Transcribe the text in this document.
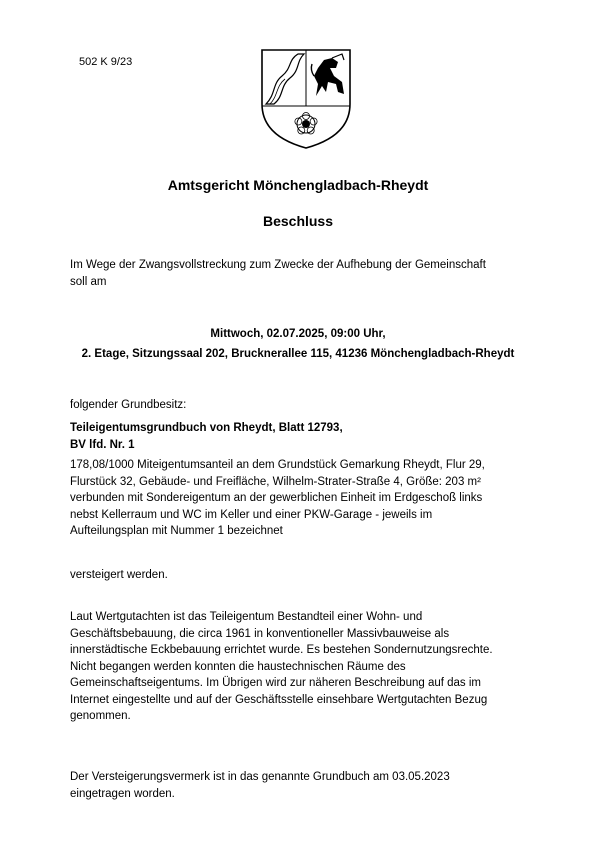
502 K 9/23
Amtsgericht Mönchengladbach-Rheydt
Beschluss
Im Wege der Zwangsvollstreckung zum Zwecke der Aufhebung der Gemeinschaft
soll am
Mittwoch, 02.07.2025, 09:00 Uhr,
2. Etage, Sitzungssaal 202, Brucknerallee 115, 41236 Mönchengladbach-Rheydt
folgender Grundbesitz:
Teileigentumsgrundbuch von Rheydt, Blatt 12793,
BV lfd. Nr. 1
178,08/1000 Miteigentumsanteil an dem Grundstück Gemarkung Rheydt, Flur 29,
Flurstück 32, Gebäude- und Freifläche, Wilhelm-Strater-Straße 4, Größe: 203 m²
verbunden mit Sondereigentum an der gewerblichen Einheit im Erdgeschoß links
nebst Kellerraum und WC im Keller und einer PKW-Garage - jeweils im
Aufteilungsplan mit Nummer 1 bezeichnet
versteigert werden.
Laut Wertgutachten ist das Teileigentum Bestandteil einer Wohn- und
Geschäftsbebauung, die circa 1961 in konventioneller Massivbauweise als
innerstädtische Eckbebauung errichtet wurde. Es bestehen Sondernutzungsrechte.
Nicht begangen werden konnten die haustechnischen Räume des
Gemeinschaftseigentums. Im Übrigen wird zur näheren Beschreibung auf das im
Internet eingestellte und auf der Geschäftsstelle einsehbare Wertgutachten Bezug
genommen.
Der Versteigerungsvermerk ist in das genannte Grundbuch am 03.05.2023
eingetragen worden.
